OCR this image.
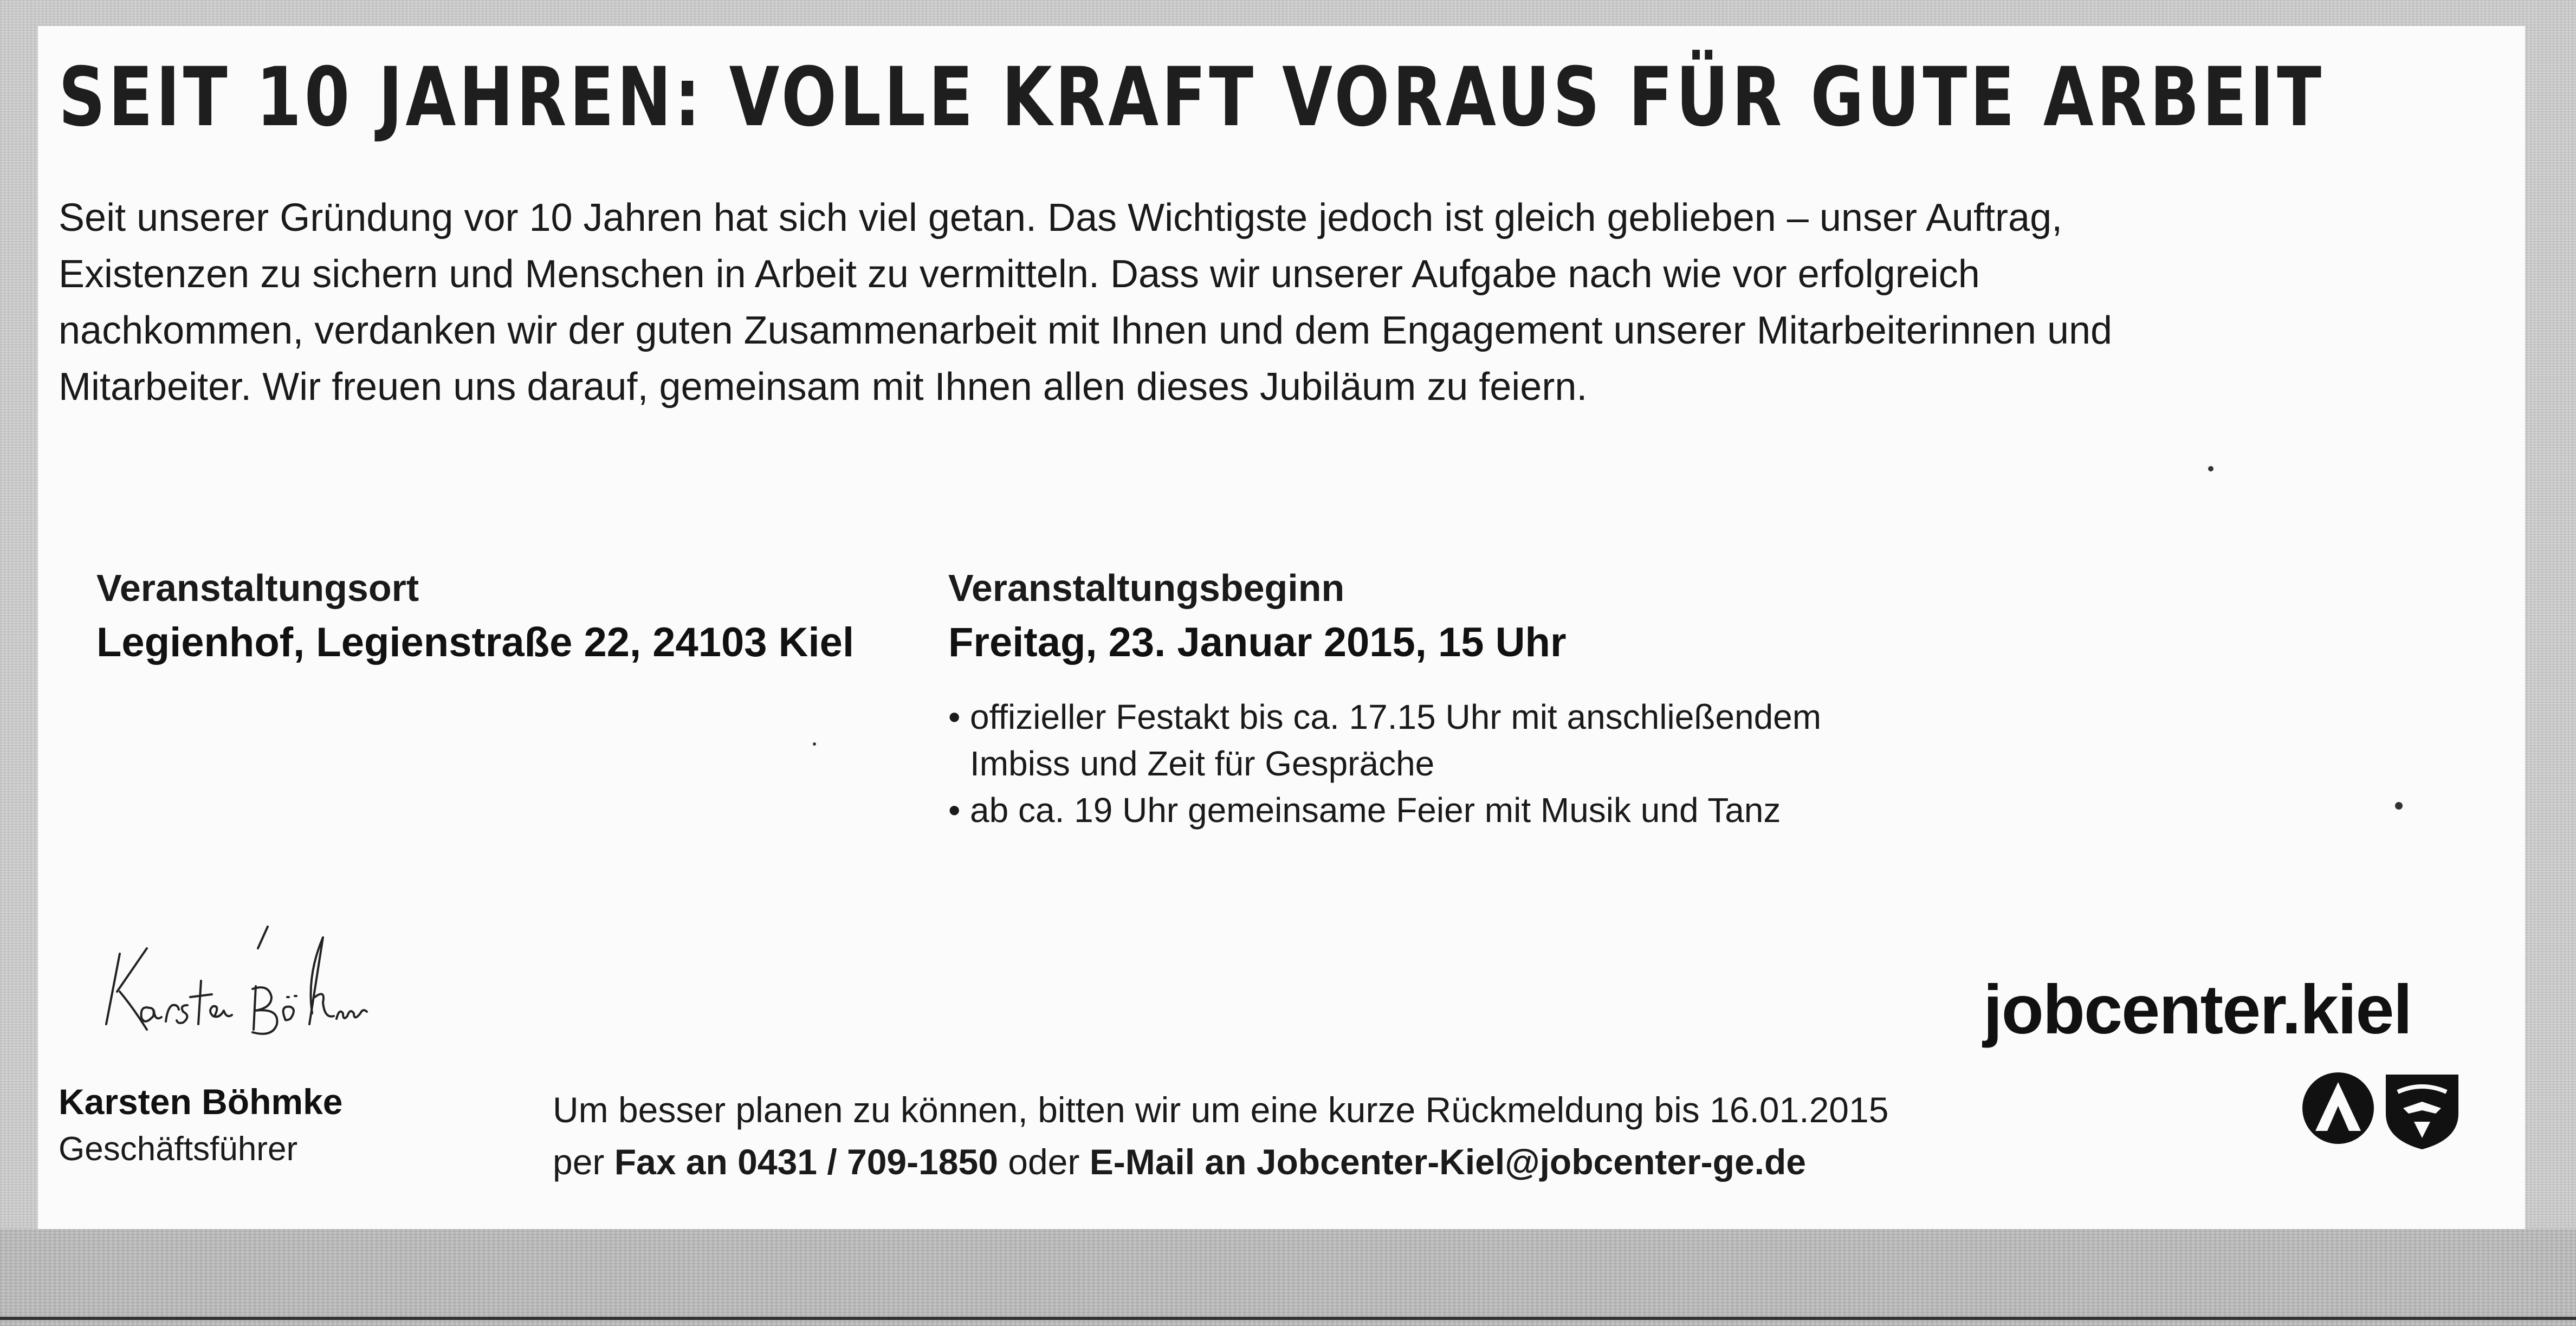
SEIT 10 JAHREN: VOLLE KRAFT VORAUS FÜR GUTE ARBEIT
Seit unserer Gründung vor 10 Jahren hat sich viel getan. Das Wichtigste jedoch ist gleich geblieben – unser Auftrag, Existenzen zu sichern und Menschen in Arbeit zu vermitteln. Dass wir unserer Aufgabe nach wie vor erfolgreich nachkommen, verdanken wir der guten Zusammenarbeit mit Ihnen und dem Engagement unserer Mitarbeiterinnen und Mitarbeiter. Wir freuen uns darauf, gemeinsam mit Ihnen allen dieses Jubiläum zu feiern.
Veranstaltungsort
Legienhof, Legienstraße 22, 24103 Kiel
Veranstaltungsbeginn
Freitag, 23. Januar 2015, 15 Uhr
• offizieller Festakt bis ca. 17.15 Uhr mit anschließendem Imbiss und Zeit für Gespräche
• ab ca. 19 Uhr gemeinsame Feier mit Musik und Tanz
Karsten Böhmke
Geschäftsführer
Um besser planen zu können, bitten wir um eine kurze Rückmeldung bis 16.01.2015
per Fax an 0431 / 709-1850 oder E-Mail an Jobcenter-Kiel@jobcenter-ge.de
jobcenter.kiel
